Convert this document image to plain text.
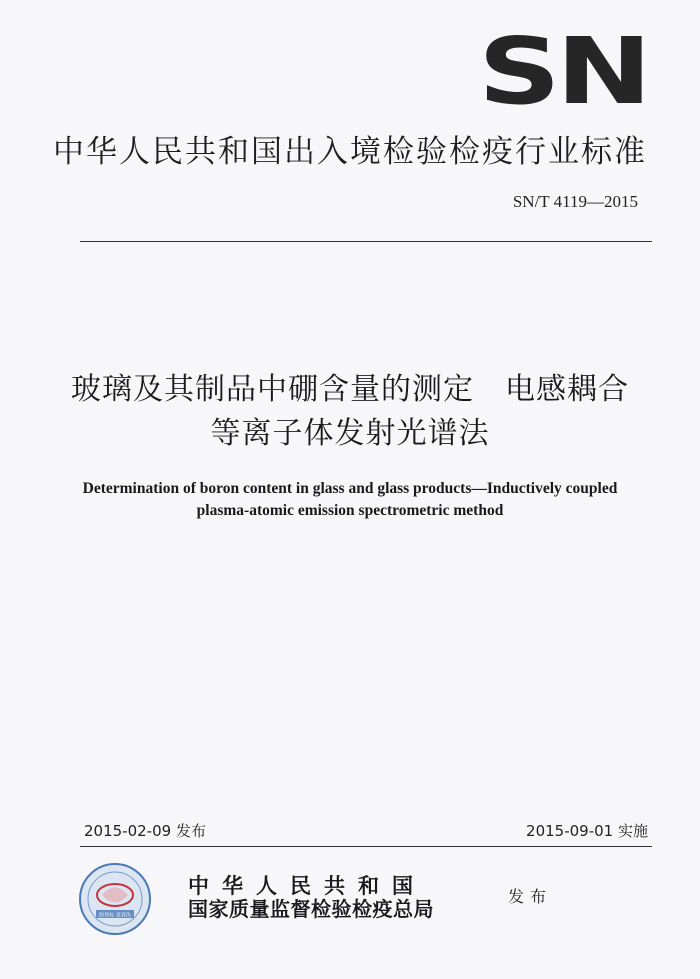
SN
中华人民共和国出入境检验检疫行业标准
SN/T 4119—2015
玻璃及其制品中硼含量的测定　电感耦合
等离子体发射光谱法
Determination of boron content in glass and glass products—Inductively coupled
plasma-atomic emission spectrometric method
2015-02-09 发布	2015-09-01 实施
防伪标 查真伪
中华人民共和国
国家质量监督检验检疫总局
发布
